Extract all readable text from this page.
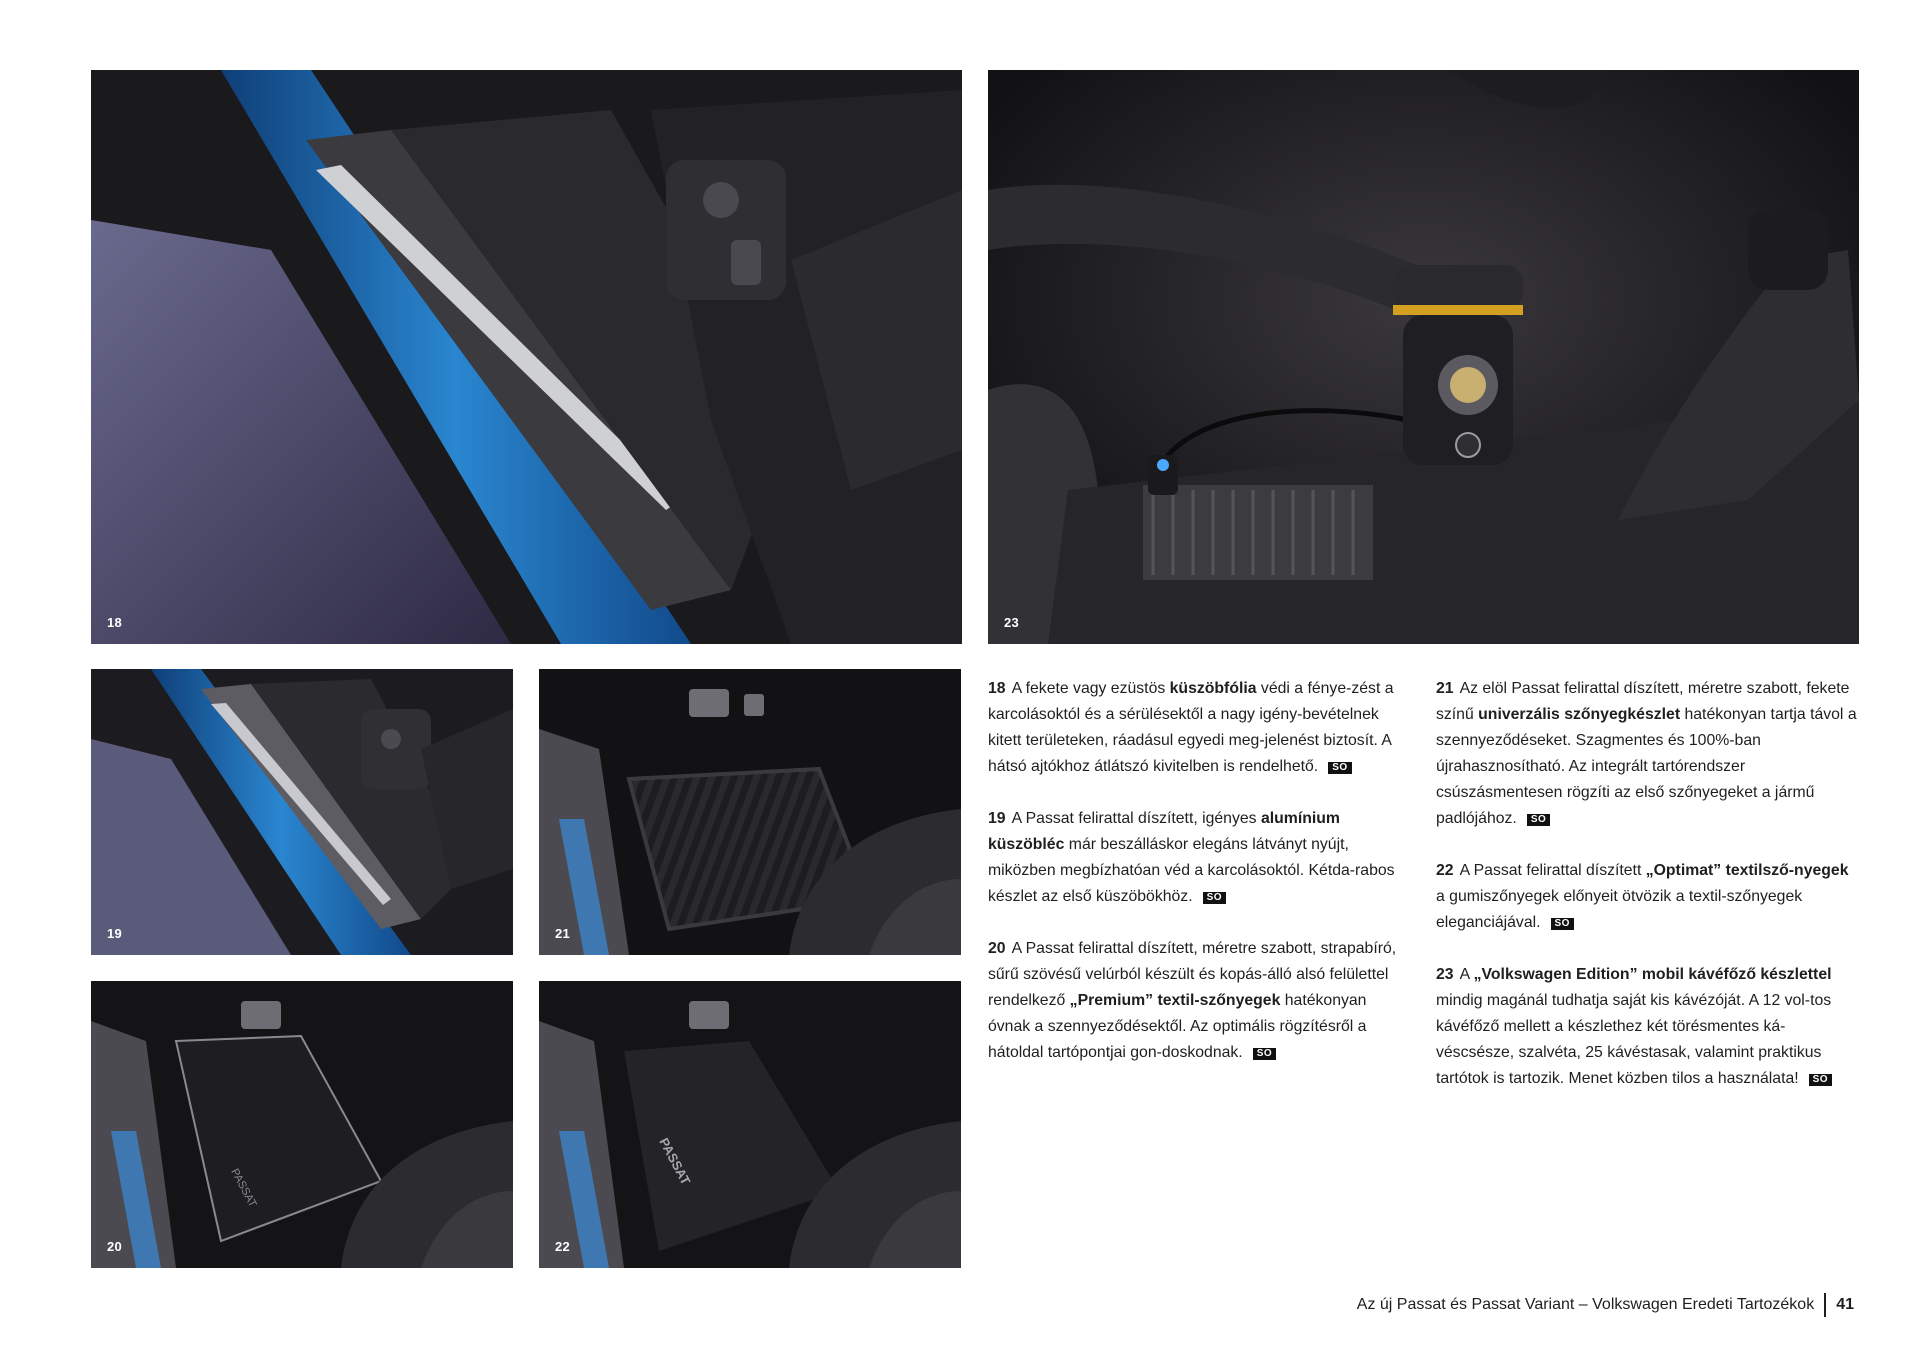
18	23
19	21
PASSAT
20
PASSAT
22

18 A fekete vagy ezüstös küszöbfólia védi a fénye-zést a karcolásoktól és a sérülésektől a nagy igény-bevételnek kitett területeken, ráadásul egyedi meg-jelenést biztosít. A hátsó ajtókhoz átlátszó kivitelben is rendelhető. SO

19 A Passat felirattal díszített, igényes alumínium küszöbléc már beszálláskor elegáns látványt nyújt, miközben megbízhatóan véd a karcolásoktól. Kétda-rabos készlet az első küszöbökhöz. SO

20 A Passat felirattal díszített, méretre szabott, strapabíró, sűrű szövésű velúrból készült és kopás-álló alsó felülettel rendelkező „Premium” textil-szőnyegek hatékonyan óvnak a szennyeződésektől. Az optimális rögzítésről a hátoldal tartópontjai gon-doskodnak. SO

21 Az elöl Passat felirattal díszített, méretre szabott, fekete színű univerzális szőnyegkészlet hatékonyan tartja távol a szennyeződéseket. Szagmentes és 100%-ban újrahasznosítható. Az integrált tartórendszer csúszásmentesen rögzíti az első szőnyegeket a jármű padlójához. SO

22 A Passat felirattal díszített „Optimat” textilsző-nyegek a gumiszőnyegek előnyeit ötvözik a textil-szőnyegek eleganciájával. SO

23 A „Volkswagen Edition” mobil kávéfőző készlettel mindig magánál tudhatja saját kis kávézóját. A 12 vol-tos kávéfőző mellett a készlethez két törésmentes ká-véscsésze, szalvéta, 25 kávéstasak, valamint praktikus tartótok is tartozik. Menet közben tilos a használata! SO

Az új Passat és Passat Variant – Volkswagen Eredeti Tartozékok 41
